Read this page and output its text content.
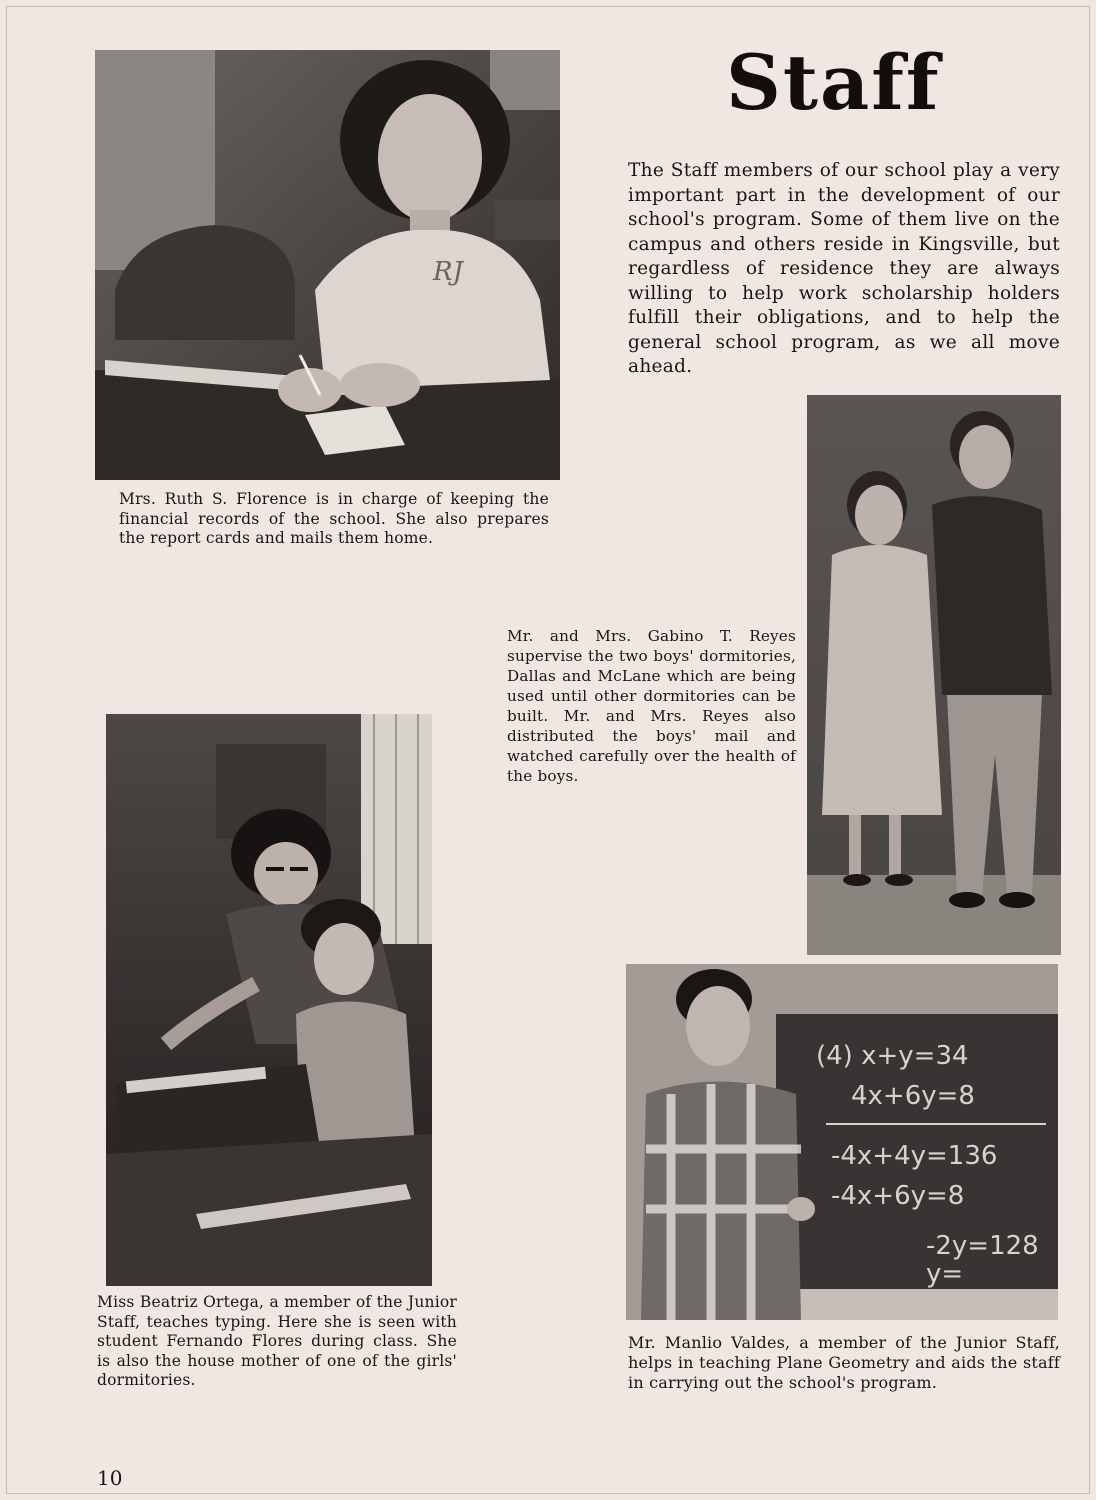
RJ
Mrs. Ruth S. Florence is in charge of keeping the financial records of the school. She also prepares the report cards and mails them home.
Staff
The Staff members of our school play a very important part in the development of our school's program. Some of them live on the campus and others reside in Kingsville, but regardless of residence they are always willing to help work scholarship holders fulfill their obligations, and to help the general school program, as we all move ahead.
Mr. and Mrs. Gabino T. Reyes supervise the two boys' dormitories, Dallas and McLane which are being used until other dormitories can be built. Mr. and Mrs. Reyes also distributed the boys' mail and watched carefully over the health of the boys.
Miss Beatriz Ortega, a member of the Junior Staff, teaches typing. Here she is seen with student Fernando Flores during class. She is also the house mother of one of the girls' dormitories.
(4) x+y=34
4x+6y=8
-4x+4y=136
-4x+6y=8
-2y=128
y=
Mr. Manlio Valdes, a member of the Junior Staff, helps in teaching Plane Geometry and aids the staff in carrying out the school's program.
10
